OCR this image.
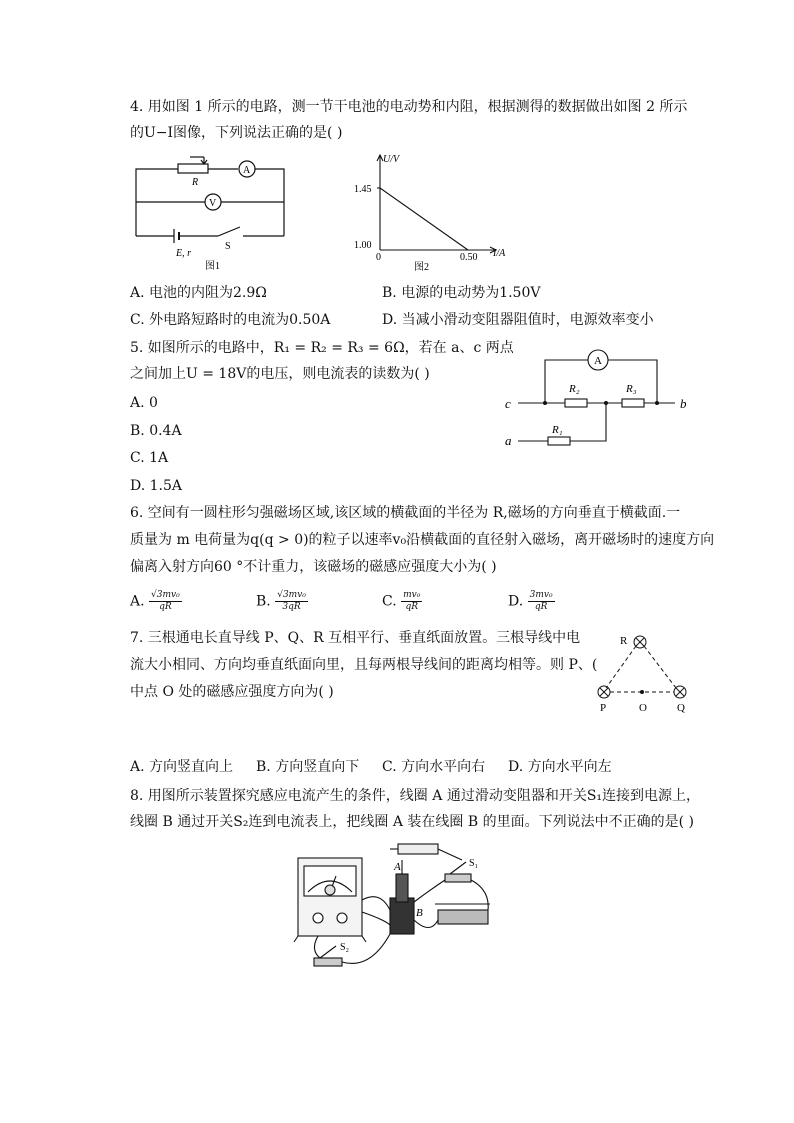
4. 用如图 1 所示的电路，测一节干电池的电动势和内阻，根据测得的数据做出如图 2 所示
的U−I图像，下列说法正确的是( )
R
A
V
E, r
S
图1
U/V
I/A
1.45
1.00
0	0.50
图2
A. 电池的内阻为2.9Ω	B. 电源的电动势为1.50V
C. 外电路短路时的电流为0.50A	D. 当减小滑动变阻器阻值时，电源效率变小
5. 如图所示的电路中，R₁ = R₂ = R₃ = 6Ω，若在 a、c 两点
之间加上U = 18V的电压，则电流表的读数为( )
A. 0
B. 0.4A
C. 1A
D. 1.5A
A
R₂	R₃
R₁
c	b
a
6. 空间有一圆柱形匀强磁场区域,该区域的横截面的半径为 R,磁场的方向垂直于横截面.一
质量为 m 电荷量为q(q > 0)的粒子以速率v₀沿横截面的直径射入磁场，离开磁场时的速度方向
偏离入射方向60 °不计重力，该磁场的磁感应强度大小为( )
A. $\frac{\text{√3mv₀}}{qR}$	B. $\frac{\text{√3mv₀}}{3qR}$	C. $\frac{\text{mv₀}}{qR}$	D. $\frac{\text{3mv₀}}{qR}$
7. 三根通电长直导线 P、Q、R 互相平行、垂直纸面放置。三根导线中电
流大小相同、方向均垂直纸面向里，且每两根导线间的距离均相等。则 P、(
中点 O 处的磁感应强度方向为( )
R
P	O	Q
A. 方向竖直向上 B. 方向竖直向下 C. 方向水平向右 D. 方向水平向左
8. 用图所示装置探究感应电流产生的条件，线圈 A 通过滑动变阻器和开关S₁连接到电源上，
线圈 B 通过开关S₂连到电流表上，把线圈 A 装在线圈 B 的里面。下列说法中不正确的是( )
A
B
S₁
S₂
